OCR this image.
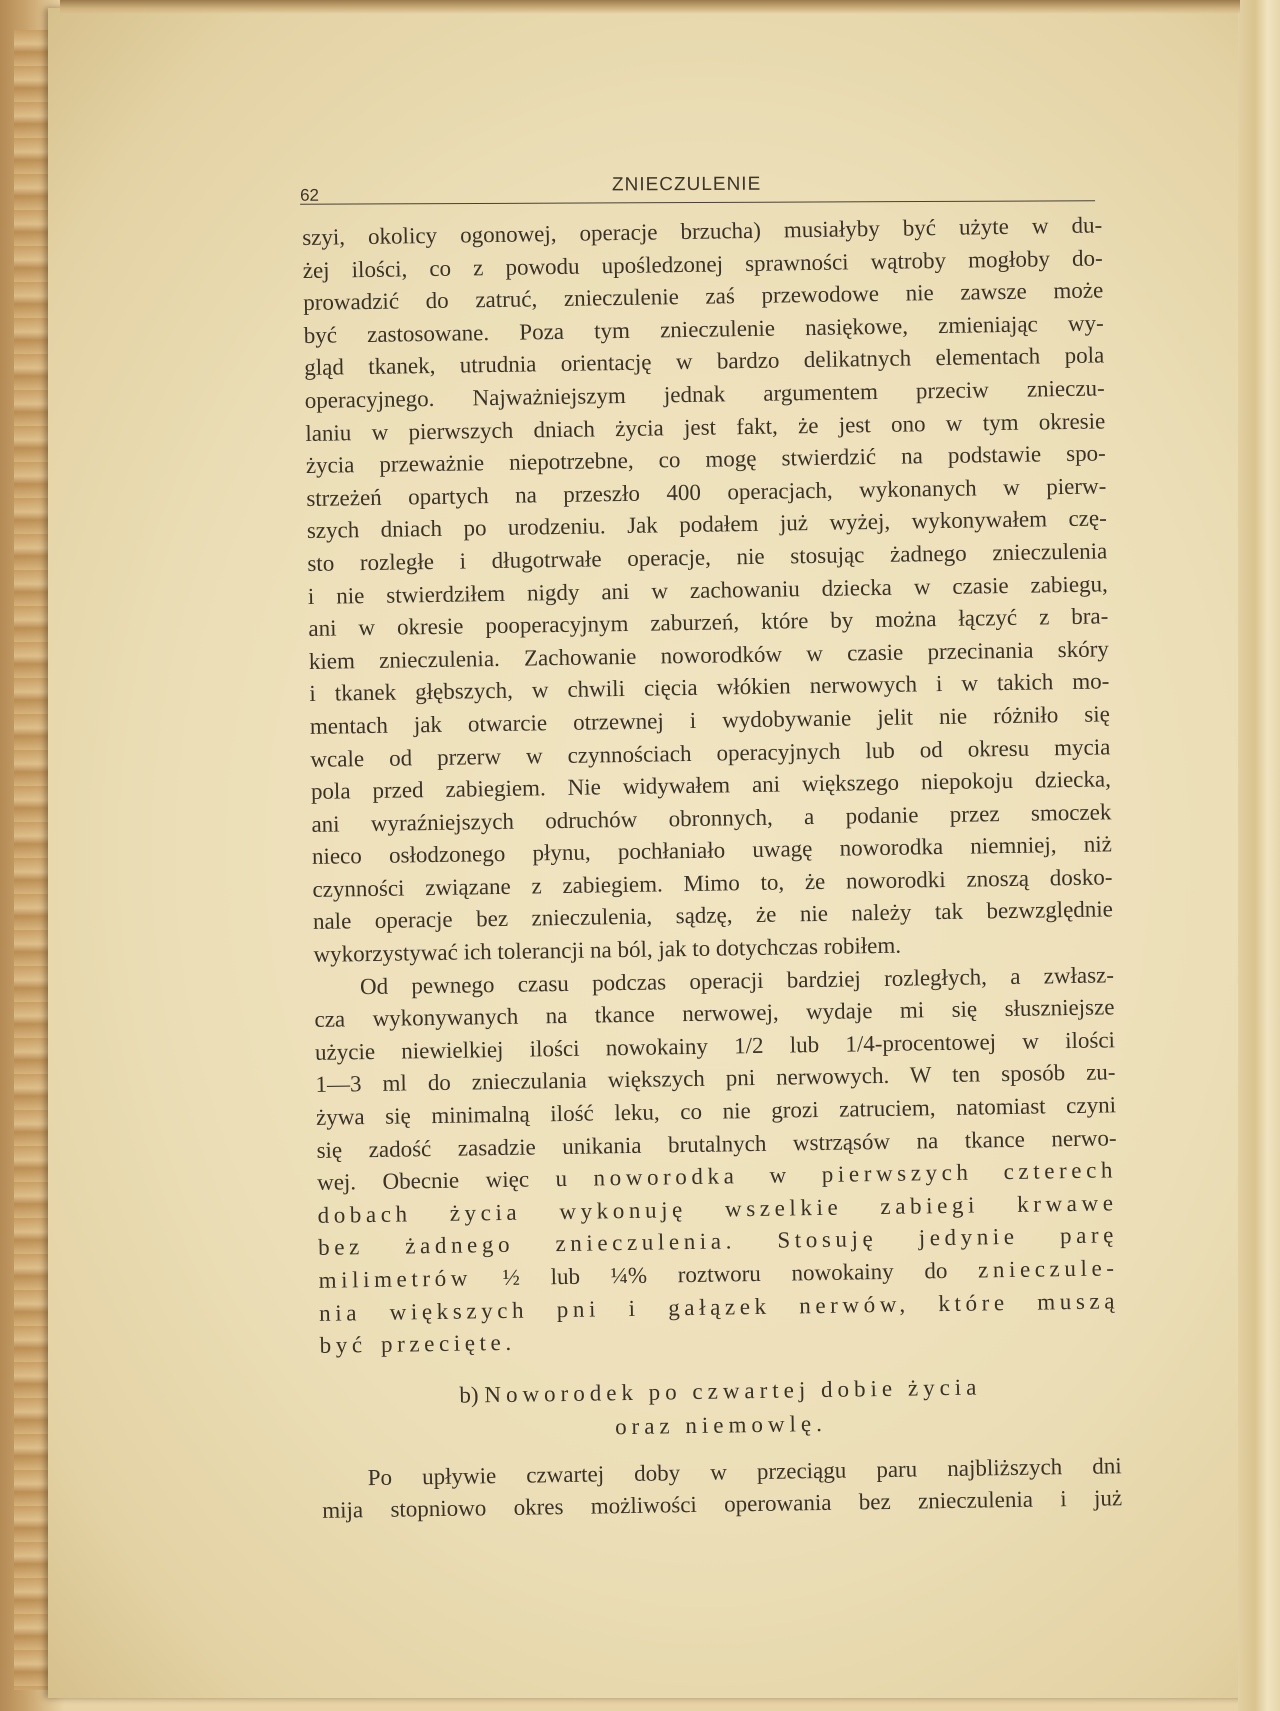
62	ZNIECZULENIE
szyi, okolicy ogonowej, operacje brzucha) musiałyby być użyte w du-
żej ilości, co z powodu upośledzonej sprawności wątroby mogłoby do-
prowadzić do zatruć, znieczulenie zaś przewodowe nie zawsze może
być zastosowane. Poza tym znieczulenie nasiękowe, zmieniając wy-
gląd tkanek, utrudnia orientację w bardzo delikatnych elementach pola
operacyjnego. Najważniejszym jednak argumentem przeciw znieczu-
laniu w pierwszych dniach życia jest fakt, że jest ono w tym okresie
życia przeważnie niepotrzebne, co mogę stwierdzić na podstawie spo-
strzeżeń opartych na przeszło 400 operacjach, wykonanych w pierw-
szych dniach po urodzeniu. Jak podałem już wyżej, wykonywałem czę-
sto rozległe i długotrwałe operacje, nie stosując żadnego znieczulenia
i nie stwierdziłem nigdy ani w zachowaniu dziecka w czasie zabiegu,
ani w okresie pooperacyjnym zaburzeń, które by można łączyć z bra-
kiem znieczulenia. Zachowanie noworodków w czasie przecinania skóry
i tkanek głębszych, w chwili cięcia włókien nerwowych i w takich mo-
mentach jak otwarcie otrzewnej i wydobywanie jelit nie różniło się
wcale od przerw w czynnościach operacyjnych lub od okresu mycia
pola przed zabiegiem. Nie widywałem ani większego niepokoju dziecka,
ani wyraźniejszych odruchów obronnych, a podanie przez smoczek
nieco osłodzonego płynu, pochłaniało uwagę noworodka niemniej, niż
czynności związane z zabiegiem. Mimo to, że noworodki znoszą dosko-
nale operacje bez znieczulenia, sądzę, że nie należy tak bezwzględnie
wykorzystywać ich tolerancji na ból, jak to dotychczas robiłem.
Od pewnego czasu podczas operacji bardziej rozległych, a zwłasz-
cza wykonywanych na tkance nerwowej, wydaje mi się słuszniejsze
użycie niewielkiej ilości nowokainy 1/2 lub 1/4-procentowej w ilości
1—3 ml do znieczulania większych pni nerwowych. W ten sposób zu-
żywa się minimalną ilość leku, co nie grozi zatruciem, natomiast czyni
się zadość zasadzie unikania brutalnych wstrząsów na tkance nerwo-
wej. Obecnie więc u noworodka w pierwszych czterech
dobach życia wykonuję wszelkie zabiegi krwawe
bez żadnego znieczulenia. Stosuję jedynie parę
milimetrów ½ lub ¼% roztworu nowokainy do znieczule-
nia większych pni i gałązek nerwów, które muszą
być przecięte.
b) Noworodek po czwartej dobie życia
oraz niemowlę.
Po upływie czwartej doby w przeciągu paru najbliższych dni
mija stopniowo okres możliwości operowania bez znieczulenia i już
